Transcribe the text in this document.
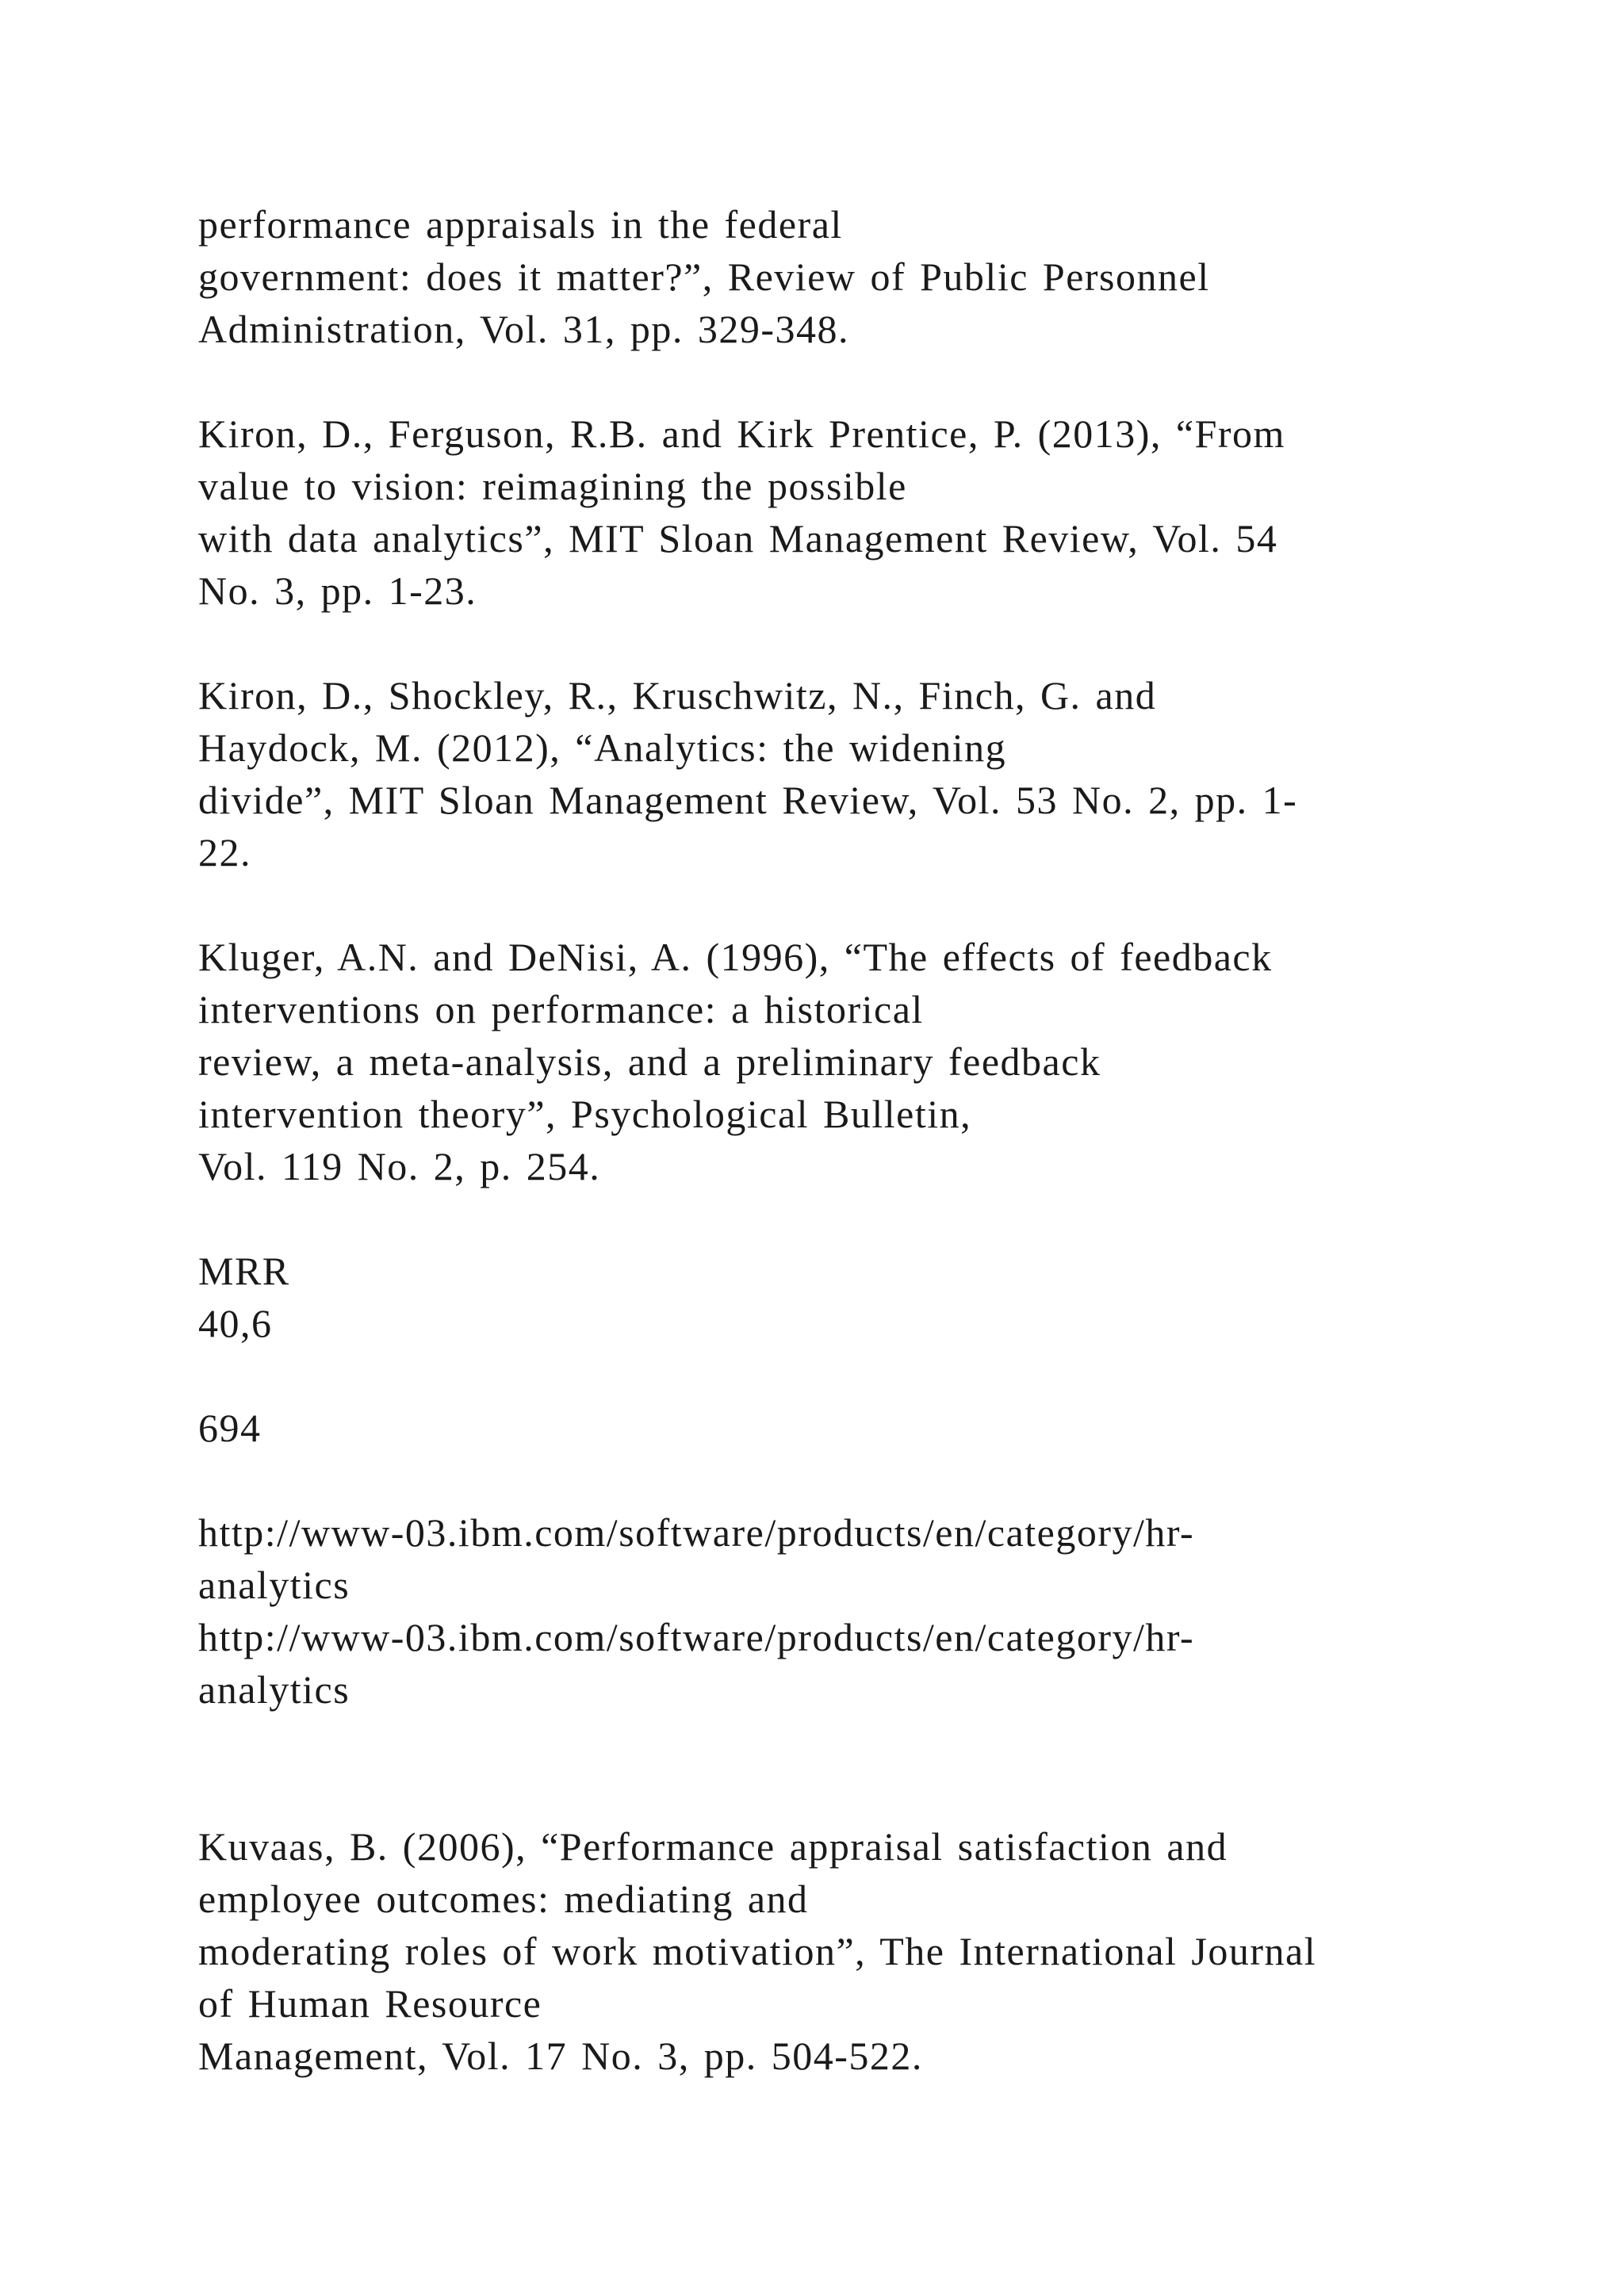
performance appraisals in the federal
government: does it matter?”, Review of Public Personnel
Administration, Vol. 31, pp. 329-348.

Kiron, D., Ferguson, R.B. and Kirk Prentice, P. (2013), “From
value to vision: reimagining the possible
with data analytics”, MIT Sloan Management Review, Vol. 54
No. 3, pp. 1-23.

Kiron, D., Shockley, R., Kruschwitz, N., Finch, G. and
Haydock, M. (2012), “Analytics: the widening
divide”, MIT Sloan Management Review, Vol. 53 No. 2, pp. 1-
22.

Kluger, A.N. and DeNisi, A. (1996), “The effects of feedback
interventions on performance: a historical
review, a meta-analysis, and a preliminary feedback
intervention theory”, Psychological Bulletin,
Vol. 119 No. 2, p. 254.

MRR
40,6

694

http://www-03.ibm.com/software/products/en/category/hr-
analytics
http://www-03.ibm.com/software/products/en/category/hr-
analytics

Kuvaas, B. (2006), “Performance appraisal satisfaction and
employee outcomes: mediating and
moderating roles of work motivation”, The International Journal
of Human Resource
Management, Vol. 17 No. 3, pp. 504-522.
